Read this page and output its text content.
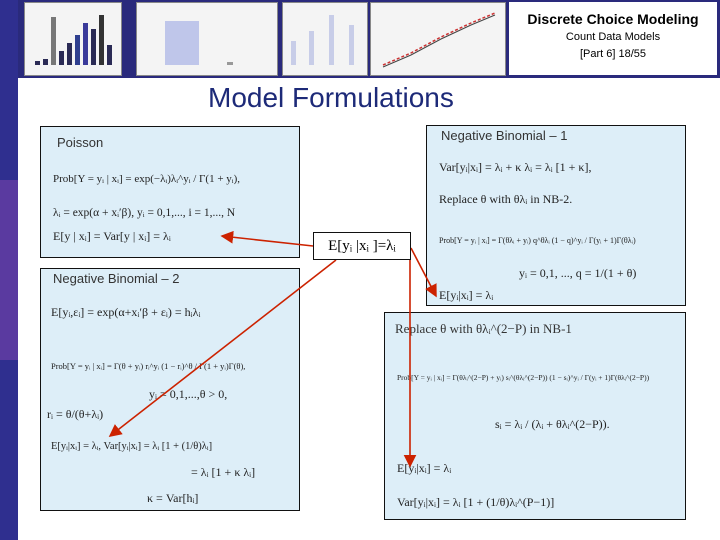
Discrete Choice Modeling
Count Data Models
[Part 6] 18/55
Model Formulations
Poisson
Prob[Y = yᵢ | xᵢ] = exp(−λᵢ)λᵢ^yᵢ / Γ(1 + yᵢ),
λᵢ = exp(α + xᵢ′β), yᵢ = 0,1,..., i = 1,..., N
E[y | xᵢ] = Var[y | xᵢ] = λᵢ
Negative Binomial – 1
Var[yᵢ|xᵢ] = λᵢ + κ λᵢ = λᵢ [1 + κ],
Replace θ with θλᵢ in NB-2.
Prob[Y = yᵢ | xᵢ] = Γ(θλᵢ + yᵢ) q^θλᵢ (1 − q)^yᵢ / Γ(yᵢ + 1)Γ(θλᵢ)
yᵢ = 0,1, ..., q = 1/(1 + θ)
E[yᵢ|xᵢ] = λᵢ
Negative Binomial – 2
E[yᵢ,εᵢ] = exp(α+xᵢ′β + εᵢ) = hᵢλᵢ
Prob[Y = yᵢ | xᵢ] = Γ(θ + yᵢ) rᵢ^yᵢ (1 − rᵢ)^θ / Γ(1 + yᵢ)Γ(θ),
yᵢ = 0,1,...,θ > 0,
rᵢ = θ/(θ+λᵢ)
E[yᵢ|xᵢ] = λᵢ, Var[yᵢ|xᵢ] = λᵢ [1 + (1/θ)λᵢ]
= λᵢ [1 + κ λᵢ]
κ = Var[hᵢ]
Replace θ with θλᵢ^(2−P) in NB-1
Prob[Y = yᵢ | xᵢ] = Γ(θλᵢ^(2−P) + yᵢ) sᵢ^(θλᵢ^(2−P)) (1 − sᵢ)^yᵢ / Γ(yᵢ + 1)Γ(θλᵢ^(2−P))
sᵢ = λᵢ / (λᵢ + θλᵢ^(2−P)).
E[yᵢ|xᵢ] = λᵢ
Var[yᵢ|xᵢ] = λᵢ [1 + (1/θ)λᵢ^(P−1)]
E[yᵢ |xᵢ ]=λᵢ
